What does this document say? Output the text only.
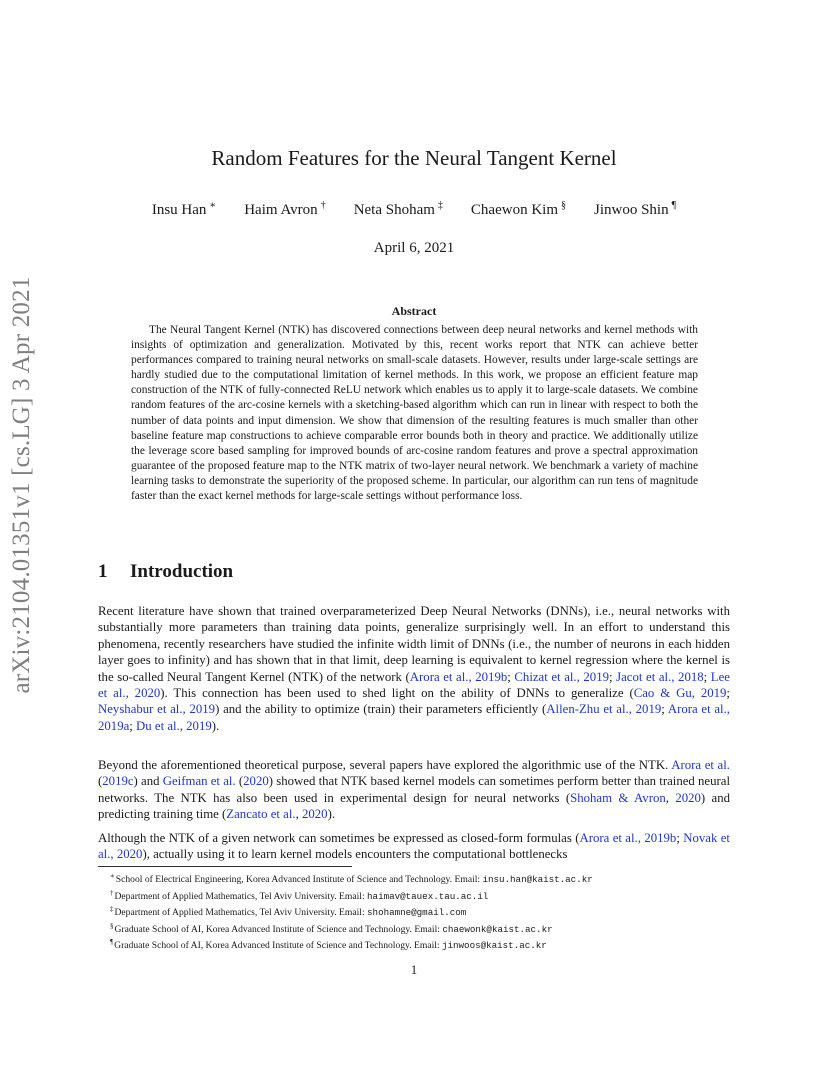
arXiv:2104.01351v1 [cs.LG] 3 Apr 2021
Random Features for the Neural Tangent Kernel
Insu Han ∗ Haim Avron † Neta Shoham ‡ Chaewon Kim § Jinwoo Shin ¶
April 6, 2021
Abstract

The Neural Tangent Kernel (NTK) has discovered connections between deep neural networks and kernel methods with insights of optimization and generalization. Motivated by this, recent works report that NTK can achieve better performances compared to training neural networks on small-scale datasets. However, results under large-scale settings are hardly studied due to the computational limitation of kernel methods. In this work, we propose an efficient feature map construction of the NTK of fully-connected ReLU network which enables us to apply it to large-scale datasets. We combine random features of the arc-cosine kernels with a sketching-based algorithm which can run in linear with respect to both the number of data points and input dimension. We show that dimension of the resulting features is much smaller than other baseline feature map constructions to achieve comparable error bounds both in theory and practice. We additionally utilize the leverage score based sampling for improved bounds of arc-cosine random features and prove a spectral approximation guarantee of the proposed feature map to the NTK matrix of two-layer neural network. We benchmark a variety of machine learning tasks to demonstrate the superiority of the proposed scheme. In particular, our algorithm can run tens of magnitude faster than the exact kernel methods for large-scale settings without performance loss.

1 Introduction

Recent literature have shown that trained overparameterized Deep Neural Networks (DNNs), i.e., neural networks with substantially more parameters than training data points, generalize surprisingly well. In an effort to understand this phenomena, recently researchers have studied the infinite width limit of DNNs (i.e., the number of neurons in each hidden layer goes to infinity) and has shown that in that limit, deep learning is equivalent to kernel regression where the kernel is the so-called Neural Tangent Kernel (NTK) of the network (Arora et al., 2019b; Chizat et al., 2019; Jacot et al., 2018; Lee et al., 2020). This connection has been used to shed light on the ability of DNNs to generalize (Cao & Gu, 2019; Neyshabur et al., 2019) and the ability to optimize (train) their parameters efficiently (Allen-Zhu et al., 2019; Arora et al., 2019a; Du et al., 2019).

Beyond the aforementioned theoretical purpose, several papers have explored the algorithmic use of the NTK. Arora et al. (2019c) and Geifman et al. (2020) showed that NTK based kernel models can sometimes perform better than trained neural networks. The NTK has also been used in experimental design for neural networks (Shoham & Avron, 2020) and predicting training time (Zancato et al., 2020).

Although the NTK of a given network can sometimes be expressed as closed-form formulas (Arora et al., 2019b; Novak et al., 2020), actually using it to learn kernel models encounters the computational bottlenecks

∗School of Electrical Engineering, Korea Advanced Institute of Science and Technology. Email: insu.han@kaist.ac.kr
†Department of Applied Mathematics, Tel Aviv University. Email: haimav@tauex.tau.ac.il
‡Department of Applied Mathematics, Tel Aviv University. Email: shohamne@gmail.com
§Graduate School of AI, Korea Advanced Institute of Science and Technology. Email: chaewonk@kaist.ac.kr
¶Graduate School of AI, Korea Advanced Institute of Science and Technology. Email: jinwoos@kaist.ac.kr
1
